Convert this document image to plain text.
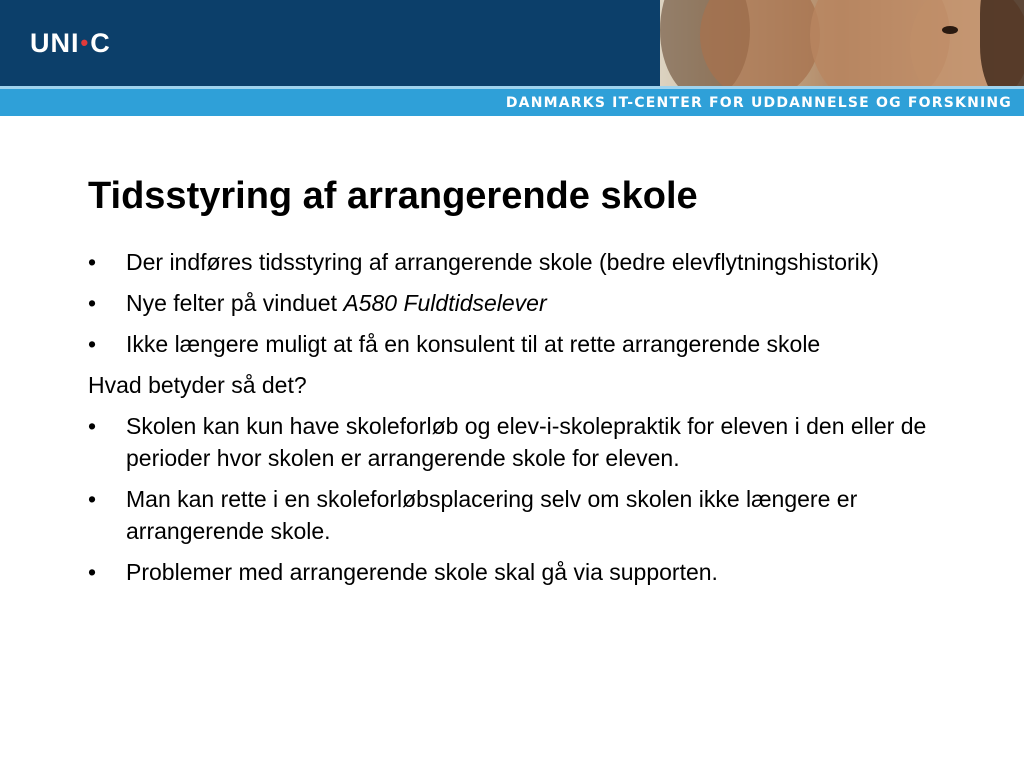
UNI•C
DANMARKS IT-CENTER FOR UDDANNELSE OG FORSKNING
Tidsstyring af arrangerende skole
• Der indføres tidsstyring af arrangerende skole (bedre elevflytningshistorik)
• Nye felter på vinduet A580 Fuldtidselever
• Ikke længere muligt at få en konsulent til at rette arrangerende skole
Hvad betyder så det?
• Skolen kan kun have skoleforløb og elev-i-skolepraktik for eleven i den eller de perioder hvor skolen er arrangerende skole for eleven.
• Man kan rette i en skoleforløbsplacering selv om skolen ikke længere er arrangerende skole.
• Problemer med arrangerende skole skal gå via supporten.
